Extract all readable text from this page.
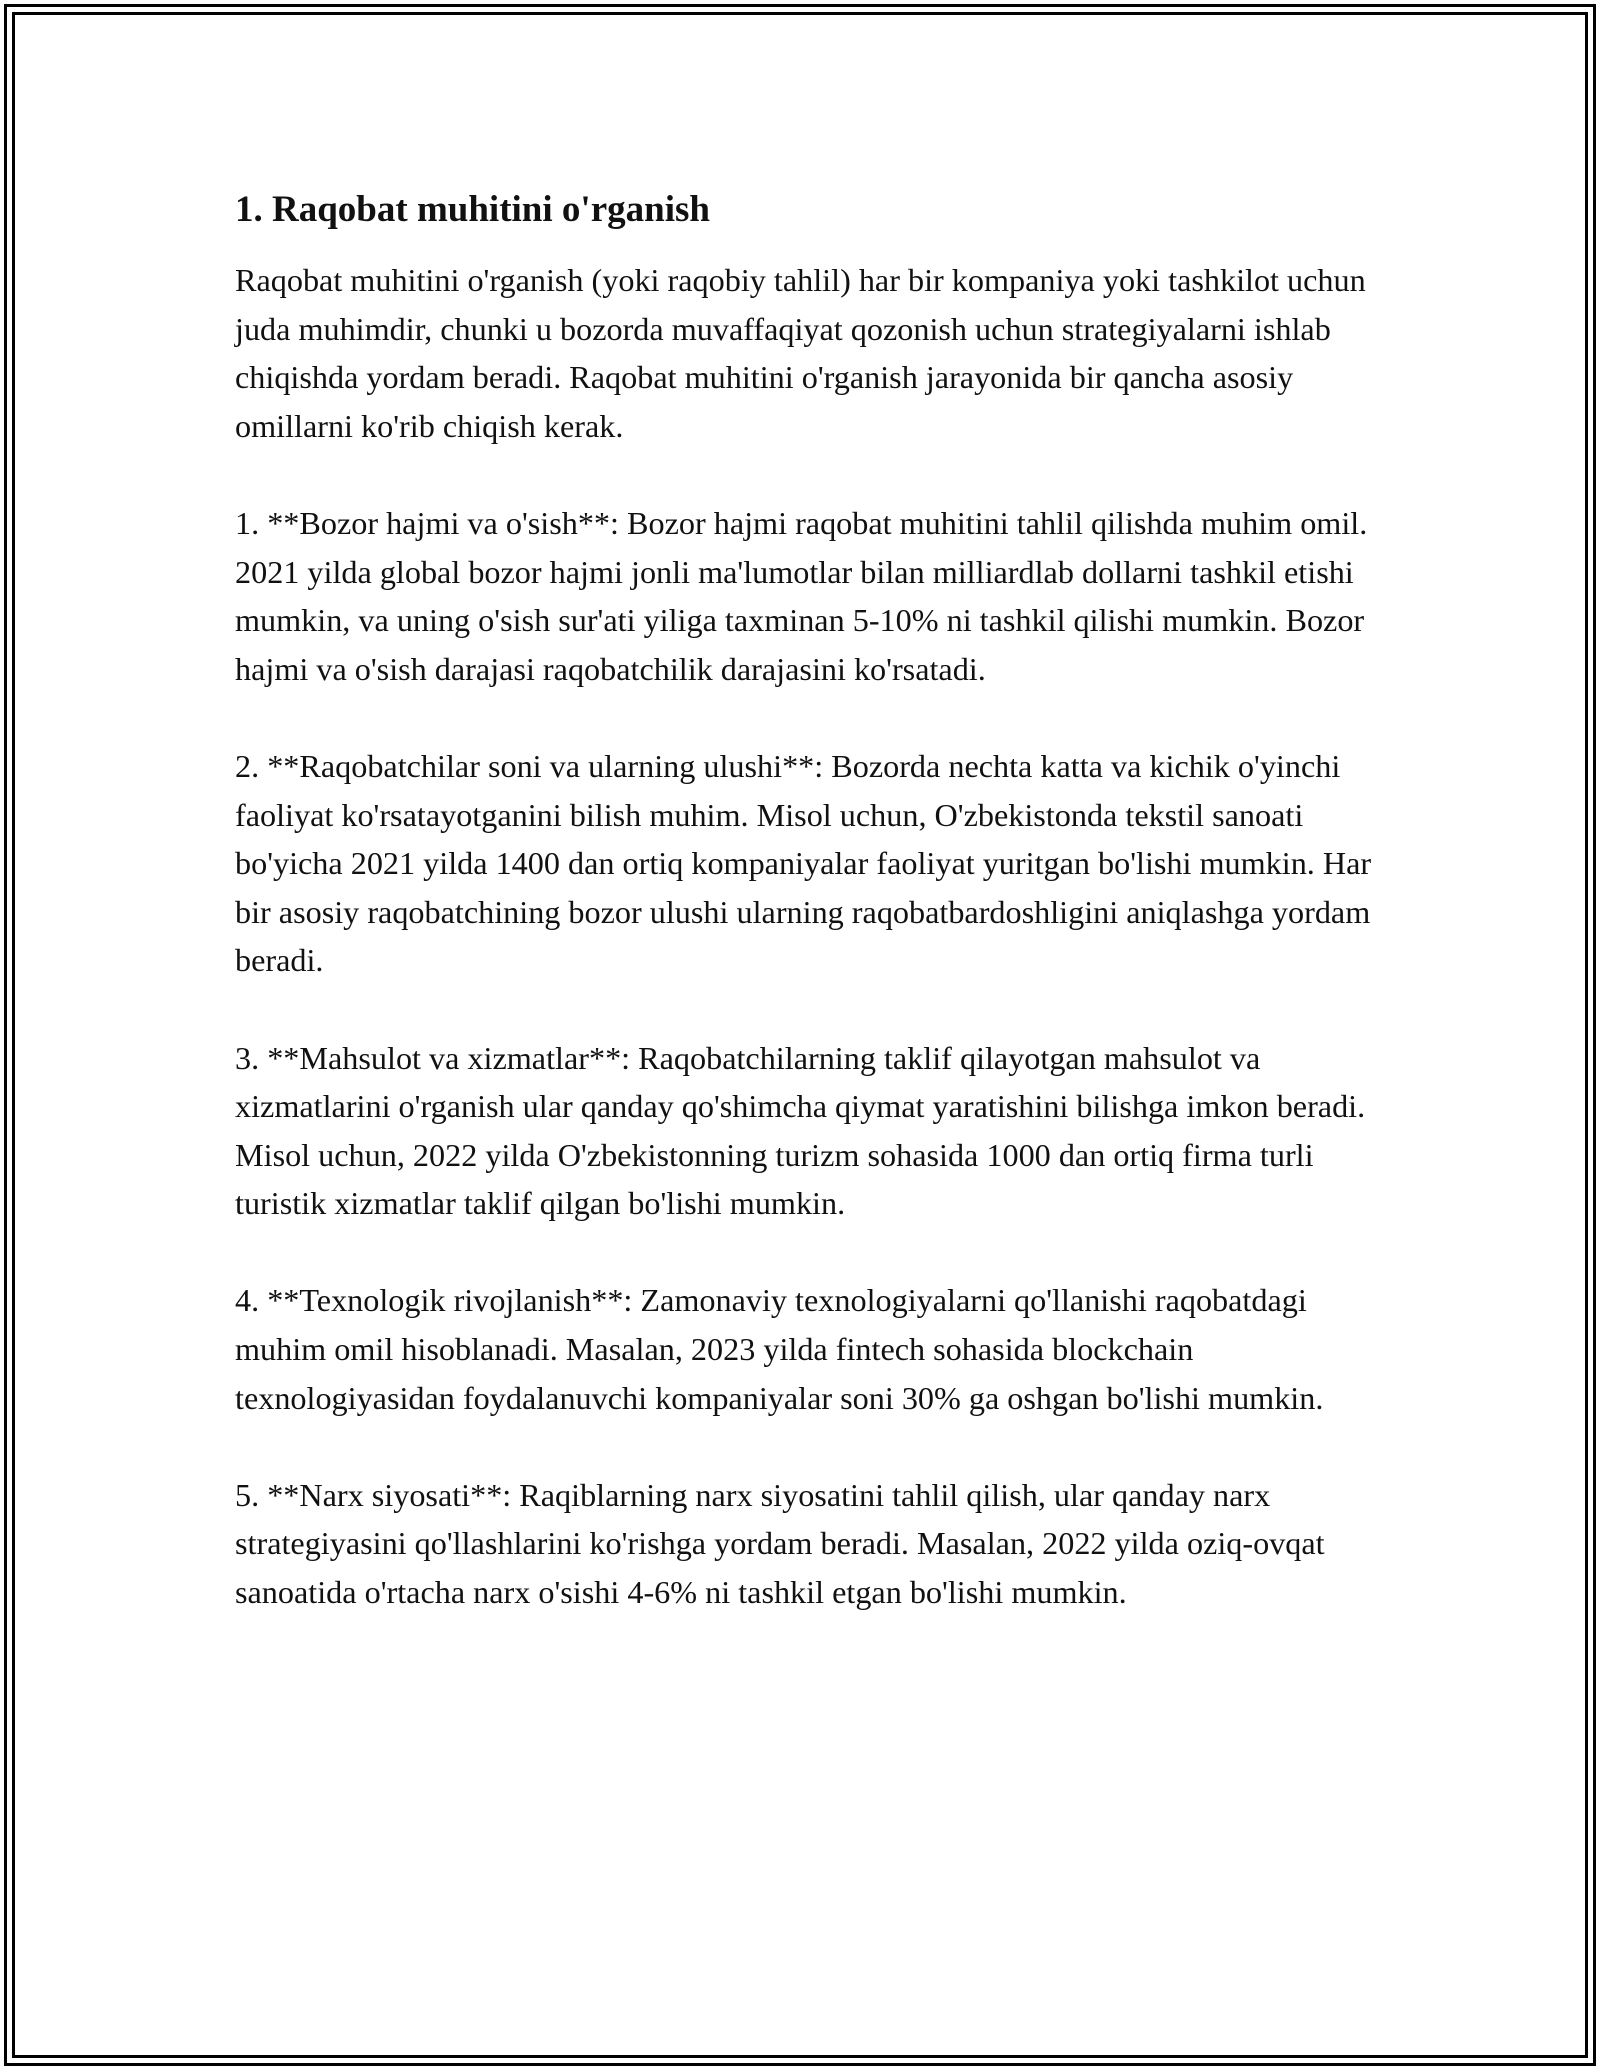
1. Raqobat muhitini o'rganish

Raqobat muhitini o'rganish (yoki raqobiy tahlil) har bir kompaniya yoki tashkilot uchun juda muhimdir, chunki u bozorda muvaffaqiyat qozonish uchun strategiyalarni ishlab chiqishda yordam beradi. Raqobat muhitini o'rganish jarayonida bir qancha asosiy omillarni ko'rib chiqish kerak.

1. **Bozor hajmi va o'sish**: Bozor hajmi raqobat muhitini tahlil qilishda muhim omil. 2021 yilda global bozor hajmi jonli ma'lumotlar bilan milliardlab dollarni tashkil etishi mumkin, va uning o'sish sur'ati yiliga taxminan 5-10% ni tashkil qilishi mumkin. Bozor hajmi va o'sish darajasi raqobatchilik darajasini ko'rsatadi.

2. **Raqobatchilar soni va ularning ulushi**: Bozorda nechta katta va kichik o'yinchi faoliyat ko'rsatayotganini bilish muhim. Misol uchun, O'zbekistonda tekstil sanoati bo'yicha 2021 yilda 1400 dan ortiq kompaniyalar faoliyat yuritgan bo'lishi mumkin. Har bir asosiy raqobatchining bozor ulushi ularning raqobatbardoshligini aniqlashga yordam beradi.

3. **Mahsulot va xizmatlar**: Raqobatchilarning taklif qilayotgan mahsulot va xizmatlarini o'rganish ular qanday qo'shimcha qiymat yaratishini bilishga imkon beradi. Misol uchun, 2022 yilda O'zbekistonning turizm sohasida 1000 dan ortiq firma turli turistik xizmatlar taklif qilgan bo'lishi mumkin.

4. **Texnologik rivojlanish**: Zamonaviy texnologiyalarni qo'llanishi raqobatdagi muhim omil hisoblanadi. Masalan, 2023 yilda fintech sohasida blockchain texnologiyasidan foydalanuvchi kompaniyalar soni 30% ga oshgan bo'lishi mumkin.

5. **Narx siyosati**: Raqiblarning narx siyosatini tahlil qilish, ular qanday narx strategiyasini qo'llashlarini ko'rishga yordam beradi. Masalan, 2022 yilda oziq-ovqat sanoatida o'rtacha narx o'sishi 4-6% ni tashkil etgan bo'lishi mumkin.
